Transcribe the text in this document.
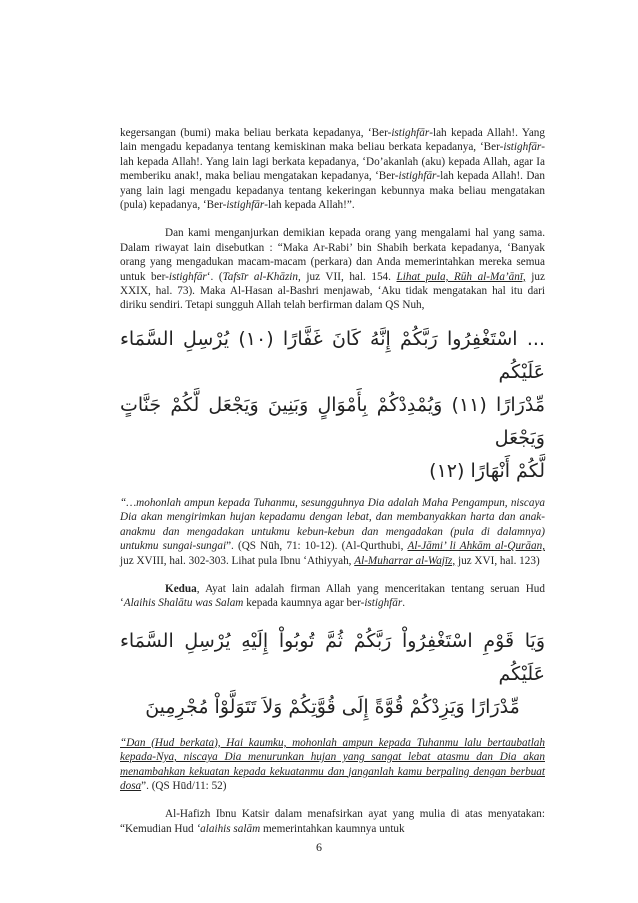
kegersangan (bumi) maka beliau berkata kepadanya, ‘Ber-istighfār-lah kepada Allah!. Yang lain mengadu kepadanya tentang kemiskinan maka beliau berkata kepadanya, ‘Ber-istighfār-lah kepada Allah!. Yang lain lagi berkata kepadanya, ‘Do’akanlah (aku) kepada Allah, agar Ia memberiku anak!, maka beliau mengatakan kepadanya, ‘Ber-istighfār-lah kepada Allah!. Dan yang lain lagi mengadu kepadanya tentang kekeringan kebunnya maka beliau mengatakan (pula) kepadanya, ‘Ber-istighfār-lah kepada Allah!”.

Dan kami menganjurkan demikian kepada orang yang mengalami hal yang sama. Dalam riwayat lain disebutkan : “Maka Ar-Rabi’ bin Shabih berkata kepadanya, ‘Banyak orang yang mengadukan macam-macam (perkara) dan Anda memerintahkan mereka semua untuk ber-istighfār‘. (Tafsīr al-Khāzin, juz VII, hal. 154. Lihat pula, Rūh al-Ma’ānī, juz XXIX, hal. 73). Maka Al-Hasan al-Bashri menjawab, ‘Aku tidak mengatakan hal itu dari diriku sendiri. Tetapi sungguh Allah telah berfirman dalam QS Nuh,

... اسْتَغْفِرُوا رَبَّكُمْ إِنَّهُ كَانَ غَفَّارًا (١٠) يُرْسِلِ السَّمَاء عَلَيْكُم
مِّدْرَارًا (١١) وَيُمْدِدْكُمْ بِأَمْوَالٍ وَبَنِينَ وَيَجْعَل لَّكُمْ جَنَّاتٍ وَيَجْعَل
لَّكُمْ أَنْهَارًا (١٢)

“…mohonlah ampun kepada Tuhanmu, sesungguhnya Dia adalah Maha Pengampun, niscaya Dia akan mengirimkan hujan kepadamu dengan lebat, dan membanyakkan harta dan anak-anakmu dan mengadakan untukmu kebun-kebun dan mengadakan (pula di dalamnya) untukmu sungai-sungai”. (QS Nūh, 71: 10-12). (Al-Qurthubi, Al-Jāmi’ li Ahkām al-Qurāan, juz XVIII, hal. 302-303. Lihat pula Ibnu ‘Athiyyah, Al-Muharrar al-Wajīz, juz XVI, hal. 123)

Kedua, Ayat lain adalah firman Allah yang menceritakan tentang seruan Hud ‘Alaihis Shalātu was Salam kepada kaumnya agar ber-istighfār.

وَيَا قَوْمِ اسْتَغْفِرُواْ رَبَّكُمْ ثُمَّ تُوبُواْ إِلَيْهِ يُرْسِلِ السَّمَاء عَلَيْكُم
مِّدْرَارًا وَيَزِدْكُمْ قُوَّةً إِلَى قُوَّتِكُمْ وَلاَ تَتَوَلَّوْاْ مُجْرِمِينَ

“Dan (Hud berkata), Hai kaumku, mohonlah ampun kepada Tuhanmu lalu bertaubatlah kepada-Nya, niscaya Dia menurunkan hujan yang sangat lebat atasmu dan Dia akan menambahkan kekuatan kepada kekuatanmu dan janganlah kamu berpaling dengan berbuat dosa”. (QS Hūd/11: 52)

Al-Hafizh Ibnu Katsir dalam menafsirkan ayat yang mulia di atas menyatakan: “Kemudian Hud ‘alaihis salām memerintahkan kaumnya untuk

6
